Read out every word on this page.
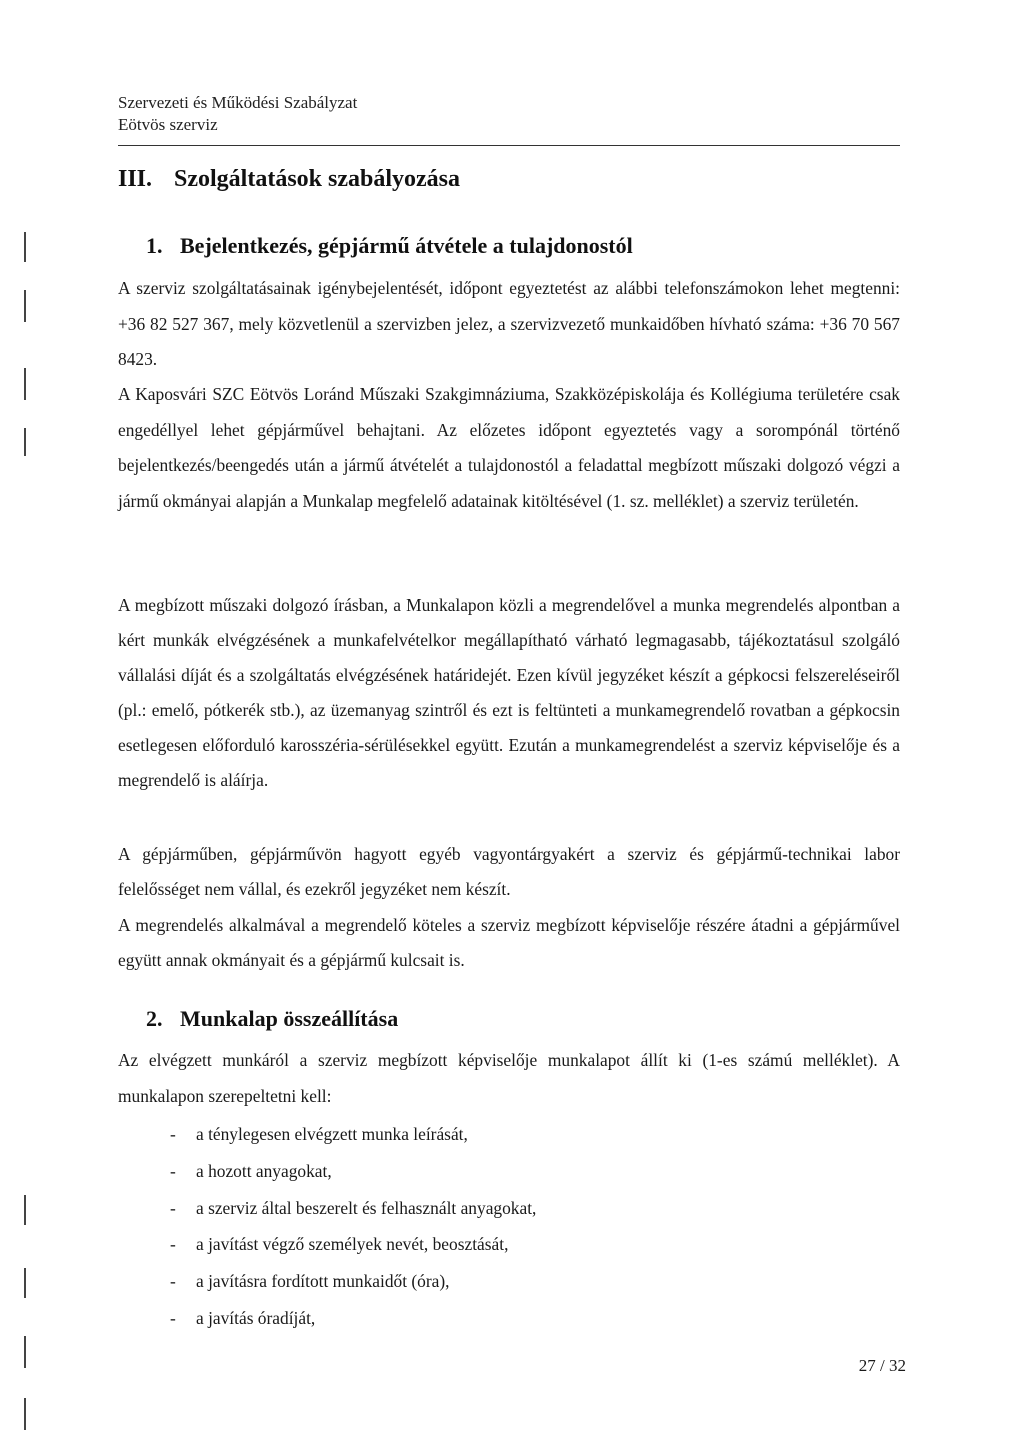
Szervezeti és Működési Szabályzat
Eötvös szerviz
III. Szolgáltatások szabályozása
1. Bejelentkezés, gépjármű átvétele a tulajdonostól
A szerviz szolgáltatásainak igénybejelentését, időpont egyeztetést az alábbi telefonszámokon lehet megtenni: +36 82 527 367, mely közvetlenül a szervizben jelez, a szervizvezető munkaidőben hívható száma: +36 70 567 8423.
A Kaposvári SZC Eötvös Loránd Műszaki Szakgimnáziuma, Szakközépiskolája és Kollégiuma területére csak engedéllyel lehet gépjárművel behajtani. Az előzetes időpont egyeztetés vagy a sorompónál történő bejelentkezés/beengedés után a jármű átvételét a tulajdonostól a feladattal megbízott műszaki dolgozó végzi a jármű okmányai alapján a Munkalap megfelelő adatainak kitöltésével (1. sz. melléklet) a szerviz területén.
A megbízott műszaki dolgozó írásban, a Munkalapon közli a megrendelővel a munka megrendelés alpontban a kért munkák elvégzésének a munkafelvételkor megállapítható várható legmagasabb, tájékoztatásul szolgáló vállalási díját és a szolgáltatás elvégzésének határidejét. Ezen kívül jegyzéket készít a gépkocsi felszereléseiről (pl.: emelő, pótkerék stb.), az üzemanyag szintről és ezt is feltünteti a munkamegrendelő rovatban a gépkocsin esetlegesen előforduló karosszéria-sérülésekkel együtt. Ezután a munkamegrendelést a szerviz képviselője és a megrendelő is aláírja.
A gépjárműben, gépjárművön hagyott egyéb vagyontárgyakért a szerviz és gépjármű-technikai labor felelősséget nem vállal, és ezekről jegyzéket nem készít.
A megrendelés alkalmával a megrendelő köteles a szerviz megbízott képviselője részére átadni a gépjárművel együtt annak okmányait és a gépjármű kulcsait is.
2. Munkalap összeállítása
Az elvégzett munkáról a szerviz megbízott képviselője munkalapot állít ki (1-es számú melléklet). A munkalapon szerepeltetni kell:
- a ténylegesen elvégzett munka leírását,
- a hozott anyagokat,
- a szerviz által beszerelt és felhasznált anyagokat,
- a javítást végző személyek nevét, beosztását,
- a javításra fordított munkaidőt (óra),
- a javítás óradíját,
27 / 32
